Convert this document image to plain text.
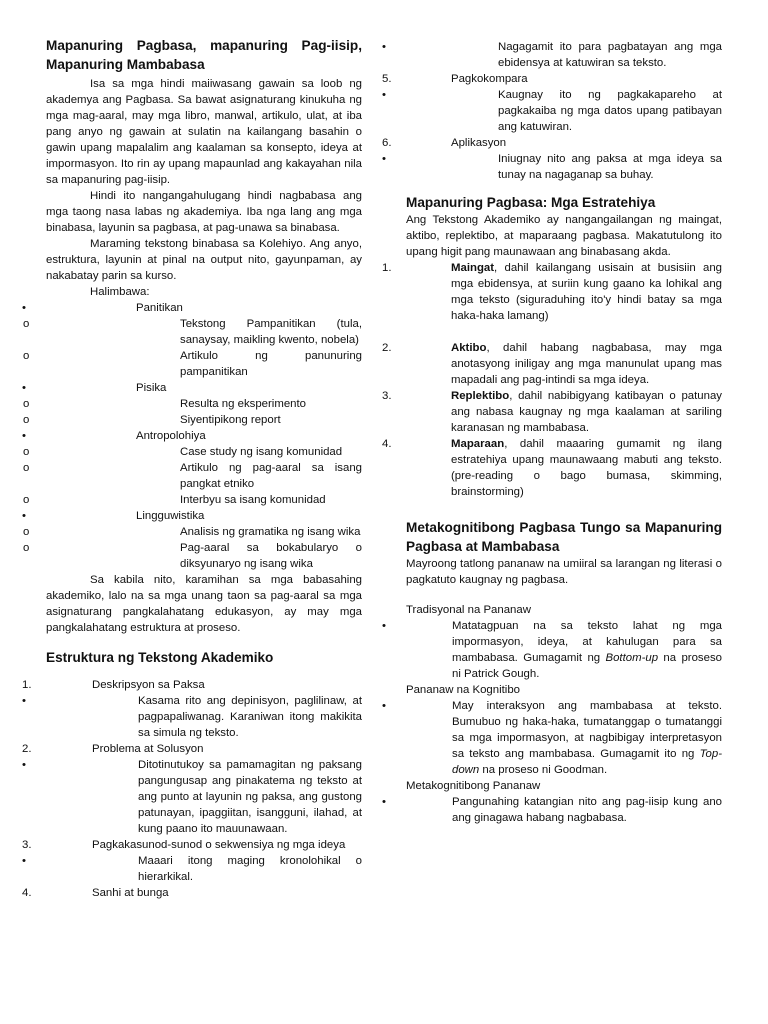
Mapanuring Pagbasa, mapanuring Pag-iisip, Mapanuring Mambabasa

Isa sa mga hindi maiiwasang gawain sa loob ng akademya ang Pagbasa. Sa bawat asignaturang kinukuha ng mga mag-aaral, may mga libro, manwal, artikulo, ulat, at iba pang anyo ng gawain at sulatin na kailangang basahin o gawin upang mapalalim ang kaalaman sa konsepto, ideya at impormasyon. Ito rin ay upang mapaunlad ang kakayahan nila sa mapanuring pag-iisip.

Hindi ito nangangahulugang hindi nagbabasa ang mga taong nasa labas ng akademiya. Iba nga lang ang mga binabasa, layunin sa pagbasa, at pag-unawa sa binabasa.

Maraming tekstong binabasa sa Kolehiyo. Ang anyo, estruktura, layunin at pinal na output nito, gayunpaman, ay nakabatay parin sa kurso.

Halimbawa:

•	Panitikan
o	Tekstong Pampanitikan (tula, sanaysay, maikling kwento, nobela)
o	Artikulo ng panunuring pampanitikan
•	Pisika
o	Resulta ng eksperimento
o	Siyentipikong report
•	Antropolohiya
o	Case study ng isang komunidad
o	Artikulo ng pag-aaral sa isang pangkat etniko
o	Interbyu sa isang komunidad
•	Lingguwistika
o	Analisis ng gramatika ng isang wika
o	Pag-aaral sa bokabularyo o diksyunaryo ng isang wika

Sa kabila nito, karamihan sa mga babasahing akademiko, lalo na sa mga unang taon sa pag-aaral sa mga asignaturang pangkalahatang edukasyon, ay may mga pangkalahatang estruktura at proseso.

Estruktura ng Tekstong Akademiko
1.	Deskripsyon sa Paksa
•	Kasama rito ang depinisyon, paglilinaw, at pagpapaliwanag. Karaniwan itong makikita sa simula ng teksto.
2.	Problema at Solusyon
•	Ditotinutukoy sa pamamagitan ng paksang pangungusap ang pinakatema ng teksto at ang punto at layunin ng paksa, ang gustong patunayan, ipaggiitan, isangguni, ilahad, at kung paano ito mauunawaan.
3.	Pagkakasunod-sunod o sekwensiya ng mga ideya
•	Maaari itong maging kronolohikal o hierarkikal.
4.	Sanhi at bunga
•	Nagagamit ito para pagbatayan ang mga ebidensya at katuwiran sa teksto.
5.	Pagkokompara
•	Kaugnay ito ng pagkakapareho at pagkakaiba ng mga datos upang patibayan ang katuwiran.
6.	Aplikasyon
•	Iniugnay nito ang paksa at mga ideya sa tunay na nagaganap sa buhay.
Mapanuring Pagbasa: Mga Estratehiya

Ang Tekstong Akademiko ay nangangailangan ng maingat, aktibo, replektibo, at maparaang pagbasa. Makatutulong ito upang higit pang maunawaan ang binabasang akda.

1.	Maingat, dahil kailangang usisain at busisiin ang mga ebidensya, at suriin kung gaano ka lohikal ang mga teksto (siguraduhing ito'y hindi batay sa mga haka-haka lamang)
2.	Aktibo, dahil habang nagbabasa, may mga anotasyong iniligay ang mga manunulat upang mas mapadali ang pag-intindi sa mga ideya.
3.	Replektibo, dahil nabibigyang katibayan o patunay ang nabasa kaugnay ng mga kaalaman at sariling karanasan ng mambabasa.
4.	Maparaan, dahil maaaring gumamit ng ilang estratehiya upang maunawaang mabuti ang teksto. (pre-reading o bago bumasa, skimming, brainstorming)
Metakognitibong Pagbasa Tungo sa Mapanuring Pagbasa at Mambabasa

Mayroong tatlong pananaw na umiiral sa larangan ng literasi o pagkatuto kaugnay ng pagbasa.

Tradisyonal na Pananaw
•	Matatagpuan na sa teksto lahat ng mga impormasyon, ideya, at kahulugan para sa mambabasa. Gumagamit ng Bottom-up na proseso ni Patrick Gough.
Pananaw na Kognitibo
•	May interaksyon ang mambabasa at teksto. Bumubuo ng haka-haka, tumatanggap o tumatanggi sa mga impormasyon, at nagbibigay interpretasyon sa teksto ang mambabasa. Gumagamit ito ng Top-down na proseso ni Goodman.
Metakognitibong Pananaw
•	Pangunahing katangian nito ang pag-iisip kung ano ang ginagawa habang nagbabasa.
